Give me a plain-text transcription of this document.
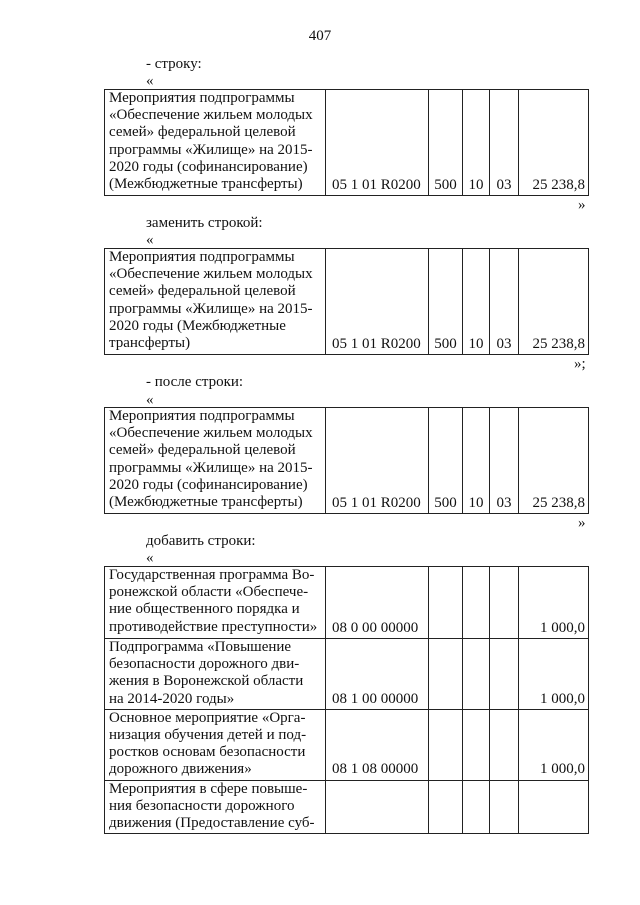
407
- строку:
«
Мероприятия подпрограммы
«Обеспечение жильем молодых
семей» федеральной целевой
программы «Жилище» на 2015-
2020 годы (софинансирование)
(Межбюджетные трансферты)	05 1 01 R0200	500	10	03	25 238,8
»
заменить строкой:
«
Мероприятия подпрограммы
«Обеспечение жильем молодых
семей» федеральной целевой
программы «Жилище» на 2015-
2020 годы (Межбюджетные
трансферты)	05 1 01 R0200	500	10	03	25 238,8
»;
- после строки:
«
Мероприятия подпрограммы
«Обеспечение жильем молодых
семей» федеральной целевой
программы «Жилище» на 2015-
2020 годы (софинансирование)
(Межбюджетные трансферты)	05 1 01 R0200	500	10	03	25 238,8
»
добавить строки:
«
Государственная программа Во-
ронежской области «Обеспече-
ние общественного порядка и
противодействие преступности»	08 0 00 00000				1 000,0

Подпрограмма «Повышение
безопасности дорожного дви-
жения в Воронежской области
на 2014-2020 годы»	08 1 00 00000				1 000,0

Основное мероприятие «Орга-
низация обучения детей и под-
ростков основам безопасности
дорожного движения»	08 1 08 00000				1 000,0

Мероприятия в сфере повыше-
ния безопасности дорожного
движения (Предоставление суб-					
